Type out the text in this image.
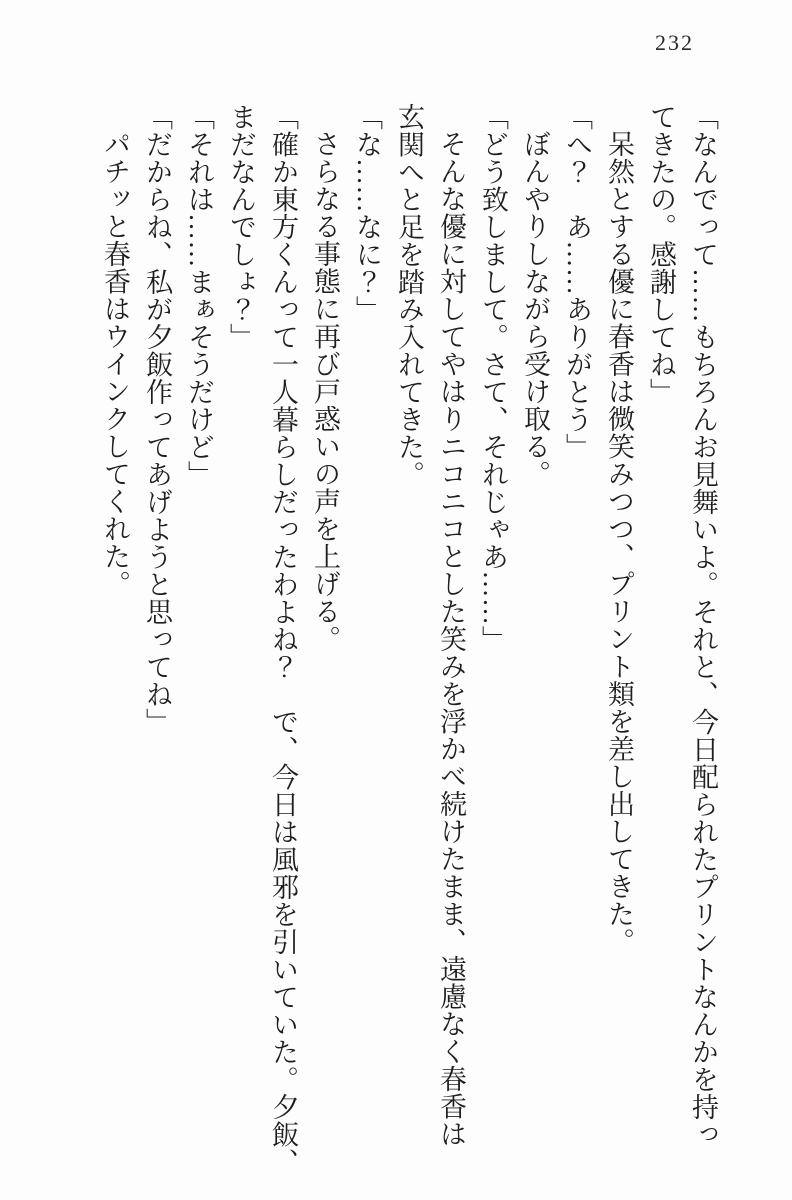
232

「なんでって……もちろんお見舞いよ。それと、今日配られたプリントなんかを持っ

てきたの。感謝してね」

呆然とする優に春香は微笑みつつ、プリント類を差し出してきた。

「へ？　あ……ありがとう」

ぼんやりしながら受け取る。

「どう致しまして。さて、それじゃあ……」

そんな優に対してやはりニコニコとした笑みを浮かべ続けたまま、遠慮なく春香は

玄関へと足を踏み入れてきた。

「な……なに？」

さらなる事態に再び戸惑いの声を上げる。

「確か東方くんって一人暮らしだったわよね？　で、今日は風邪を引いていた。夕飯、

まだなんでしょ？」

「それは……まぁそうだけど」

「だからね、私が夕飯作ってあげようと思ってね」

パチッと春香はウインクしてくれた。
